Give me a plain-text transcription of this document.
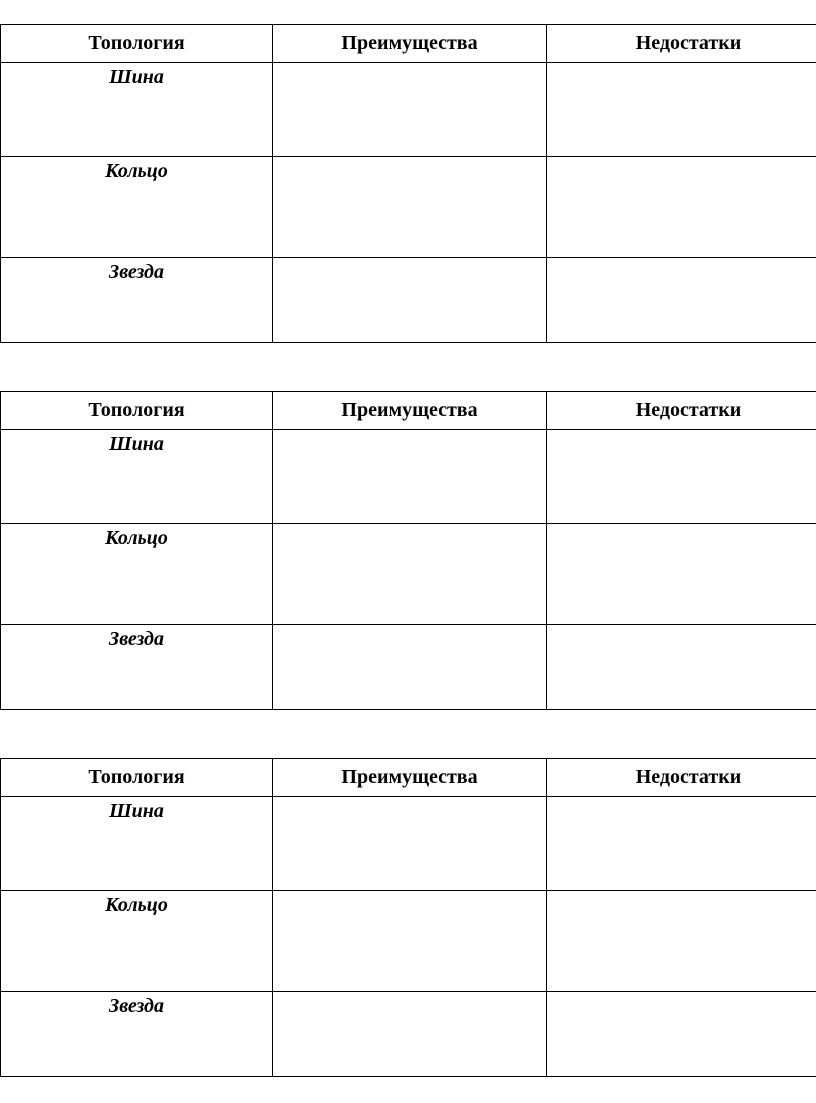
Топология	Преимущества	Недостатки
Шина		
Кольцо		
Звезда		
Топология	Преимущества	Недостатки
Шина		
Кольцо		
Звезда		
Топология	Преимущества	Недостатки
Шина		
Кольцо		
Звезда		
